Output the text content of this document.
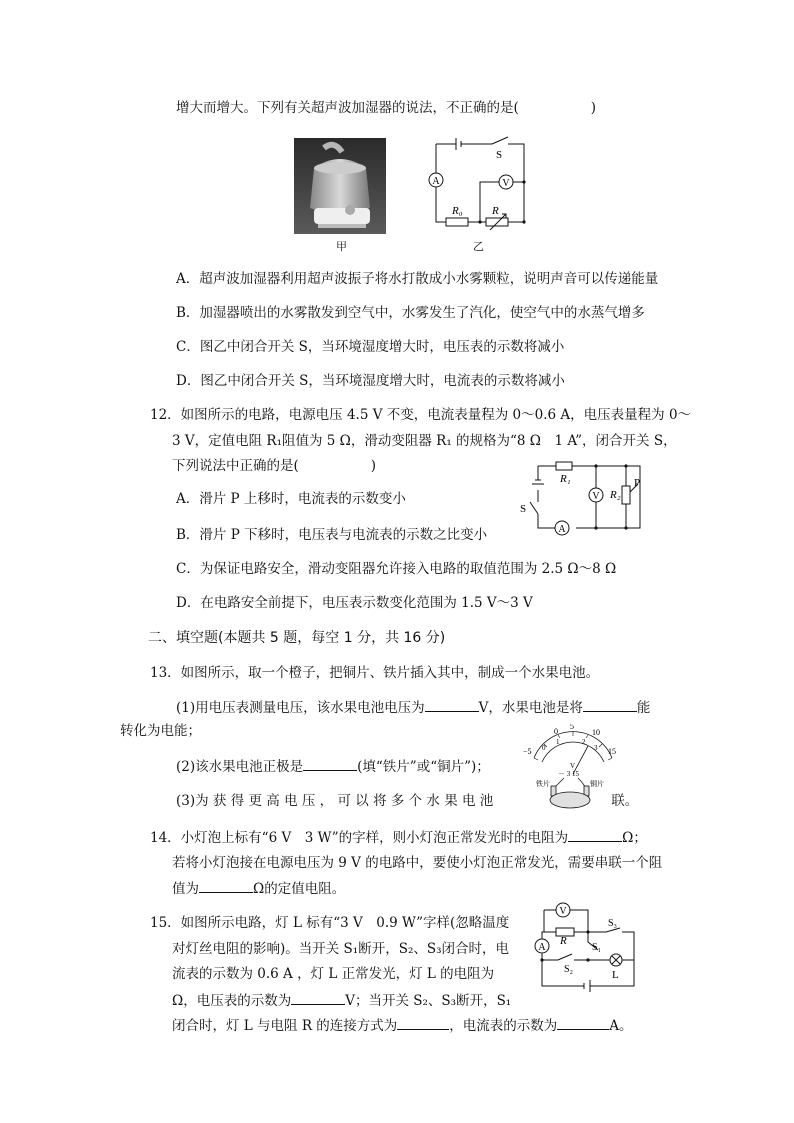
增大而增大。下列有关超声波加湿器的说法，不正确的是(	)
甲
A	V
S
R₀	R
乙
A．超声波加湿器利用超声波振子将水打散成小水雾颗粒，说明声音可以传递能量
B．加湿器喷出的水雾散发到空气中，水雾发生了汽化，使空气中的水蒸气增多
C．图乙中闭合开关 S，当环境湿度增大时，电压表的示数将减小
D．图乙中闭合开关 S，当环境湿度增大时，电流表的示数将减小
12．如图所示的电路，电源电压 4.5 V 不变，电流表量程为 0～0.6 A，电压表量程为 0～
3 V，定值电阻 R₁阻值为 5 Ω，滑动变阻器 R₁ 的规格为“8 Ω　1 A”，闭合开关 S，
下列说法中正确的是(	)
R₁
R₂
P
V
A
S
A．滑片 P 上移时，电流表的示数变小
B．滑片 P 下移时，电压表与电流表的示数之比变小
C．为保证电路安全，滑动变阻器允许接入电路的取值范围为 2.5 Ω～8 Ω
D．在电路安全前提下，电压表示数变化范围为 1.5 V～3 V
二、填空题(本题共 5 题，每空 1 分，共 16 分)
13．如图所示，取一个橙子，把铜片、铁片插入其中，制成一个水果电池。
(1)用电压表测量电压，该水果电池电压为	V，水果电池是将	能
转化为电能；
(2)该水果电池正极是	(填“铁片”或“铜片”)；
(3)为 获 得 更 高 电 压 ， 可 以 将 多 个 水 果 电 池	联。
0
5
10
15
−5 0
1	2
3
V
－ 3 15
铁片	铜片
14．小灯泡上标有“6 V　3 W”的字样，则小灯泡正常发光时的电阻为	Ω；
若将小灯泡接在电源电压为 9 V 的电路中，要使小灯泡正常发光，需要串联一个阻
值为	Ω的定值电阻。
15．如图所示电路，灯 L 标有“3 V　0.9 W”字样(忽略温度
对灯丝电阻的影响)。当开关 S₁断开，S₂、S₃闭合时，电
流表的示数为 0.6 A ，灯 L 正常发光，灯 L 的电阻为
Ω，电压表的示数为	V；当开关 S₂、S₃断开，S₁
闭合时，灯 L 与电阻 R 的连接方式为	，电流表的示数为	A。
V
A
R
S₁
S₂
S₃
L
